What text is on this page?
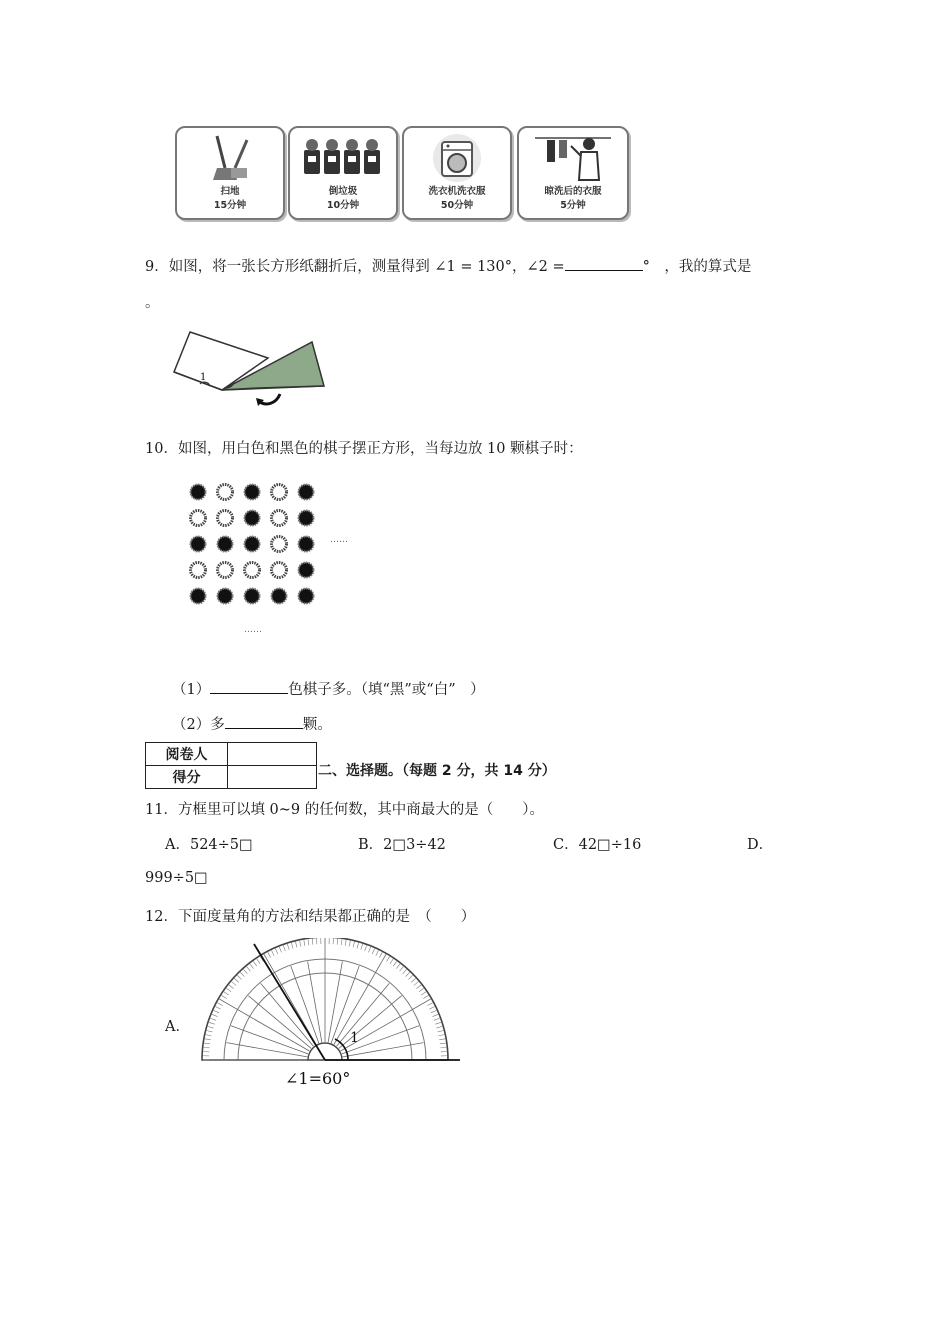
扫地
15分钟
倒垃圾
10分钟
洗衣机洗衣服
50分钟
晾洗后的衣服
5分钟
9．如图，将一张长方形纸翻折后，测量得到 ∠1 = 130°，∠2 =	°　，我的算式是
。
1
10．如图，用白色和黑色的棋子摆正方形，当每边放 10 颗棋子时：
……
……
（1）	色棋子多。（填“黑”或“白”　）
（2）多	颗。
阅卷人	
得分		二、选择题。（每题 2 分，共 14 分）
11．方框里可以填 0~9 的任何数，其中商最大的是（　　）。
A．524÷5□	B．2□3÷42	C．42□÷16	D．
999÷5□
12．下面度量角的方法和结果都正确的是　（　　）
A．
1
∠1=60°
